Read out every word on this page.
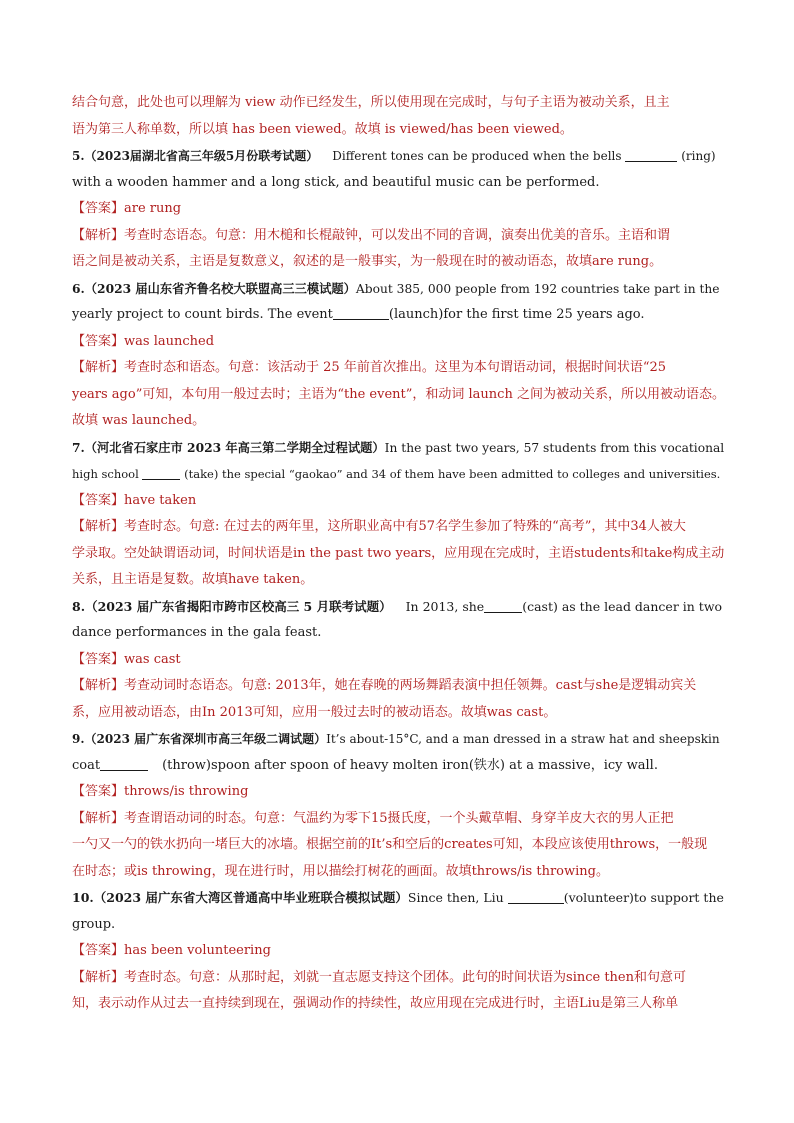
结合句意，此处也可以理解为 view 动作已经发生，所以使用现在完成时，与句子主语为被动关系，且主
语为第三人称单数，所以填 has been viewed。故填 is viewed/has been viewed。
5.（2023届湖北省高三年级5月份联考试题） Different tones can be produced when the bells	(ring)
with a wooden hammer and a long stick, and beautiful music can be performed.
【答案】are rung
【解析】考查时态语态。句意：用木槌和长棍敲钟，可以发出不同的音调，演奏出优美的音乐。主语和谓
语之间是被动关系，主语是复数意义，叙述的是一般事实，为一般现在时的被动语态，故填are rung。
6.（2023 届山东省齐鲁名校大联盟高三三模试题）About 385, 000 people from 192 countries take part in the
yearly project to count birds. The event	(launch)for the first time 25 years ago.
【答案】was launched
【解析】考查时态和语态。句意：该活动于 25 年前首次推出。这里为本句谓语动词，根据时间状语“25
years ago”可知，本句用一般过去时；主语为“the event”，和动词 launch 之间为被动关系，所以用被动语态。
故填 was launched。
7.（河北省石家庄市 2023 年高三第二学期全过程试题）In the past two years, 57 students from this vocational
high school	(take) the special “gaokao” and 34 of them have been admitted to colleges and universities.
【答案】have taken
【解析】考查时态。句意: 在过去的两年里，这所职业高中有57名学生参加了特殊的“高考”，其中34人被大
学录取。空处缺谓语动词，时间状语是in the past two years，应用现在完成时，主语students和take构成主动
关系，且主语是复数。故填have taken。
8.（2023 届广东省揭阳市跨市区校高三 5 月联考试题） In 2013, she	(cast) as the lead dancer in two
dance performances in the gala feast.
【答案】was cast
【解析】考查动词时态语态。句意: 2013年，她在春晚的两场舞蹈表演中担任领舞。cast与she是逻辑动宾关
系，应用被动语态，由In 2013可知，应用一般过去时的被动语态。故填was cast。
9.（2023 届广东省深圳市高三年级二调试题）It’s about-15°C, and a man dressed in a straw hat and sheepskin
coat	(throw)spoon after spoon of heavy molten iron(铁水) at a massive，icy wall.
【答案】throws/is throwing
【解析】考查谓语动词的时态。句意：气温约为零下15摄氏度，一个头戴草帽、身穿羊皮大衣的男人正把
一勺又一勺的铁水扔向一堵巨大的冰墙。根据空前的It’s和空后的creates可知，本段应该使用throws，一般现
在时态；或is throwing，现在进行时，用以描绘打树花的画面。故填throws/is throwing。
10.（2023 届广东省大湾区普通高中毕业班联合模拟试题）Since then, Liu	(volunteer)to support the
group.
【答案】has been volunteering
【解析】考查时态。句意：从那时起，刘就一直志愿支持这个团体。此句的时间状语为since then和句意可
知，表示动作从过去一直持续到现在，强调动作的持续性，故应用现在完成进行时，主语Liu是第三人称单
